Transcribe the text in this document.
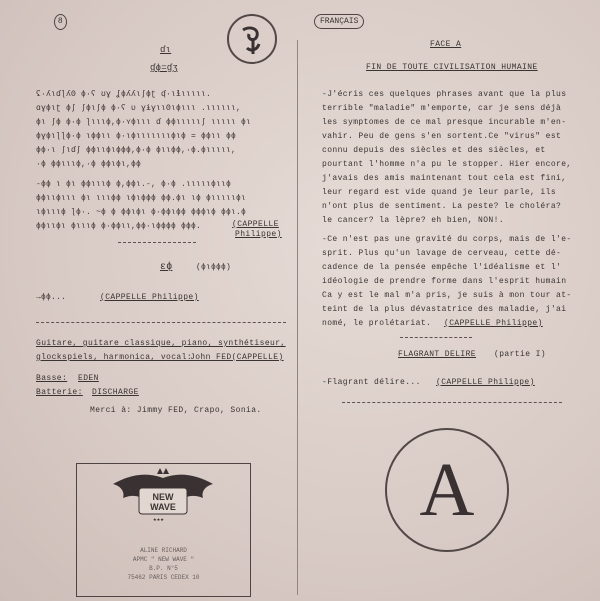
8
ɗɩ
ɠɸ=ɠʒ
ʢ·ʎɩɗɭʎʘ ɸ·ʕ ʊɣ ʆɸʎʎɩʃɸʈ ʠ·ɩɬɩɩɩɩɩ.
ɑɣɸɩʈ ɸʃ ʃɸɩʃɸ ɸ·ʕ ʋ ɣɨɣɩɩʘɩɸɩɩɩ .ɩɩɩɩɩɩ,
ɸɩ ʃɸ ɸ·ɸ ɭɩɩɩɸ,ɸ·ʏɸɩɩɩ ɗ ɸɸɩɩɩɩɩʃ ɩɩɩɩɩ ɸɩ
ɸɣɸɩɭɭɸ·ɸ ɩɸɸɩɩ ɸ·ɩɸɩɩɩɩɩɩɩɸɩɸ = ɸɸɩɩ ɸɸ
ɸɸ·ɩ ʃɩɗʃ ɸɸɩɩɸɩɸɸɸ,ɸ·ɸ ɸɩɩɸɸ,·ɸ.ɸɩɩɩɩɩ,
·ɸ ɸɸɩɩɩɸ,·ɸ ɸɸɩɸɩ,ɸɸ
-ɸɸ ɩ ɸɩ ɸɸɩɩɩɸ ɸ,ɸɸɩ.-, ɸ·ɸ .ɩɩɩɩɩɸɩɩɸ
ɸɸɩɩɸɩɩɩ ɸɩ ɩɩɩɸɸ ɩɸɩɸɸɸ ɸɸ.ɸɩ ɩɸ ɸɩɩɩɩɩɸɩ
ɩɸɩɩɩɸ ɭɸ·. ~ɸ ɸ ɸɸɩɸɩ ɸ·ɸɸɩɸɸ ɸɸɸɩɸ ɸɸɩ.ɸ
ɸɸɩɩɸɩ ɸɩɩɩɸ ɸ·ɸɸɩɩ,ɸɸ·ɩɸɸɸɸ ɸɸɸ.	(CAPPELLE
Philippe)
ɛɸ	(ɸɩɸɸɸ)
→ɸɸ...	(CAPPELLE Philippe)
Guitare, guitare classique, piano, synthétiseur,
glockspiels, harmonica, vocal:
John FED(CAPPELLE)
Basse: EDEN
Batterie: DISCHARGE
Merci à: Jimmy FED, Crapo, Sonia.
NEW WAVE
★★★
ALINE RICHARD
APMC " NEW WAVE "
B.P. N°5
75462 PARIS CEDEX 10
FRANÇAIS
FACE A
FIN DE TOUTE CIVILISATION HUMAINE
-J'écris ces quelques phrases avant que la plus
terrible "maladie" m'emporte, car je sens déjà
les symptomes de ce mal presque incurable m'en-
vahir. Peu de gens s'en sortent.Ce "virus" est
connu depuis des siècles et des siècles, et
pourtant l'homme n'a pu le stopper. Hier encore,
j'avais des amis maintenant tout cela est fini,
leur regard est vide quand je leur parle, ils
n'ont plus de sentiment. La peste? le choléra?
le cancer? la lèpre? eh bien, NON!.
-Ce n'est pas une gravité du corps, mais de l'e-
sprit. Plus qu'un lavage de cerveau, cette dé-
cadence de la pensée empêche l'idéalisme et l'
idéologie de prendre forme dans l'esprit humain
Ca y est le mal m'a pris, je suis à mon tour at-
teint de la plus dévastatrice des maladie, j'ai
nomé, le prolétariat. (CAPPELLE Philippe)
FLAGRANT DELIRE (partie I)
-Flagrant délire... (CAPPELLE Philippe)
A
